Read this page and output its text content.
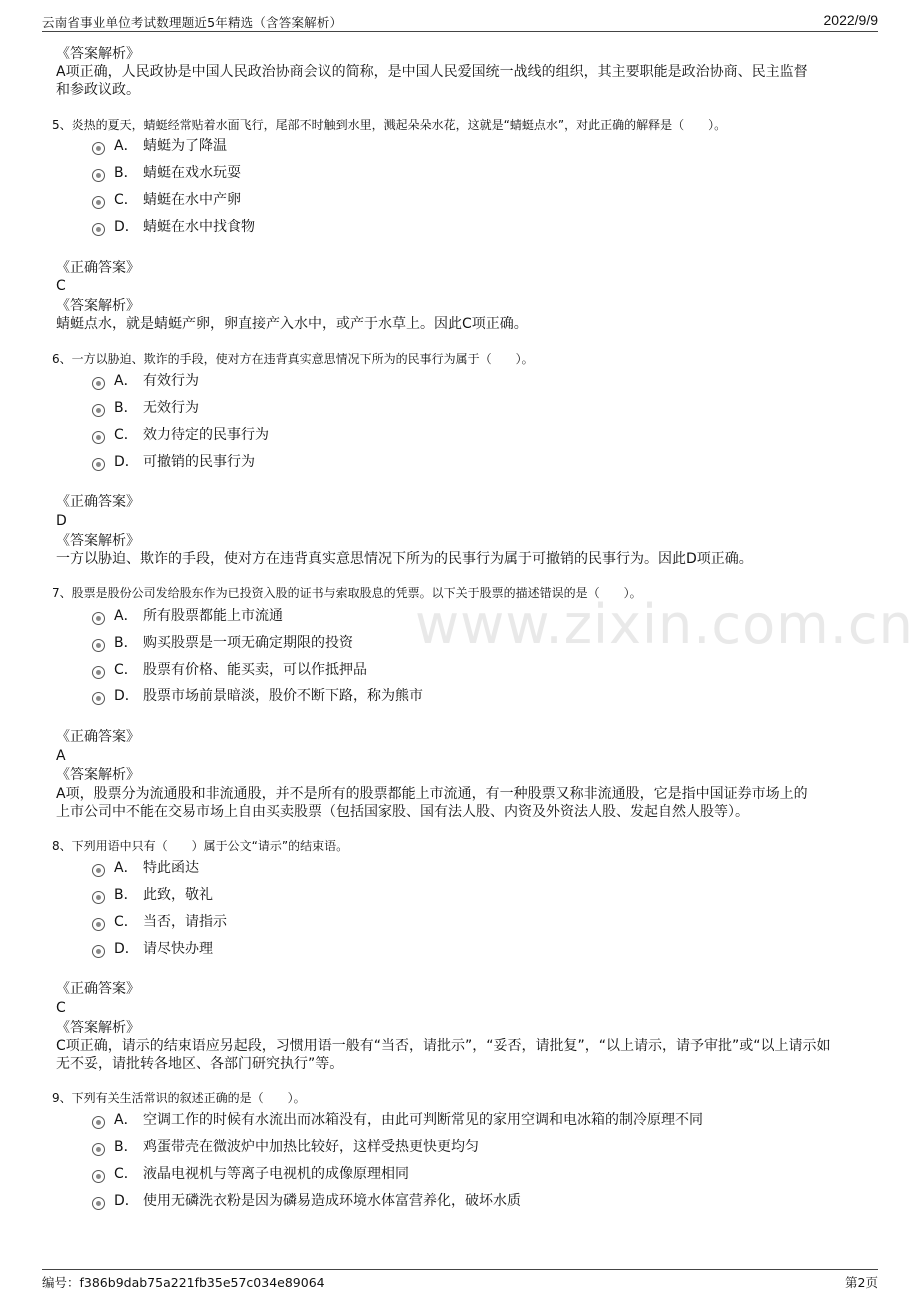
云南省事业单位考试数理题近5年精选（含答案解析）	2022/9/9
www.zixin.com.cn
《答案解析》
A项正确，人民政协是中国人民政治协商会议的简称，是中国人民爱国统一战线的组织，其主要职能是政治协商、民主监督
和参政议政。
5、炎热的夏天，蜻蜓经常贴着水面飞行，尾部不时触到水里，溅起朵朵水花，这就是“蜻蜓点水”，对此正确的解释是（　　）。
A． 蜻蜓为了降温
B． 蜻蜓在戏水玩耍
C． 蜻蜓在水中产卵
D． 蜻蜓在水中找食物
《正确答案》
C
《答案解析》
蜻蜓点水，就是蜻蜓产卵，卵直接产入水中，或产于水草上。因此C项正确。
6、一方以胁迫、欺诈的手段，使对方在违背真实意思情况下所为的民事行为属于（　　）。
A． 有效行为
B． 无效行为
C． 效力待定的民事行为
D． 可撤销的民事行为
《正确答案》
D
《答案解析》
一方以胁迫、欺诈的手段，使对方在违背真实意思情况下所为的民事行为属于可撤销的民事行为。因此D项正确。
7、股票是股份公司发给股东作为已投资入股的证书与索取股息的凭票。以下关于股票的描述错误的是（　　）。
A． 所有股票都能上市流通
B． 购买股票是一项无确定期限的投资
C． 股票有价格、能买卖，可以作抵押品
D． 股票市场前景暗淡，股价不断下路，称为熊市
《正确答案》
A
《答案解析》
A项，股票分为流通股和非流通股，并不是所有的股票都能上市流通，有一种股票又称非流通股，它是指中国证券市场上的
上市公司中不能在交易市场上自由买卖股票（包括国家股、国有法人股、内资及外资法人股、发起自然人股等）。
8、下列用语中只有（　　）属于公文“请示”的结束语。
A． 特此函达
B． 此致，敬礼
C． 当否，请指示
D． 请尽快办理
《正确答案》
C
《答案解析》
C项正确，请示的结束语应另起段，习惯用语一般有“当否，请批示”，“妥否，请批复”，“以上请示，请予审批”或“以上请示如
无不妥，请批转各地区、各部门研究执行”等。
9、下列有关生活常识的叙述正确的是（　　）。
A． 空调工作的时候有水流出而冰箱没有，由此可判断常见的家用空调和电冰箱的制冷原理不同
B． 鸡蛋带壳在微波炉中加热比较好，这样受热更快更均匀
C． 液晶电视机与等离子电视机的成像原理相同
D． 使用无磷洗衣粉是因为磷易造成环境水体富营养化，破坏水质
编号：f386b9dab75a221fb35e57c034e89064	第2页
